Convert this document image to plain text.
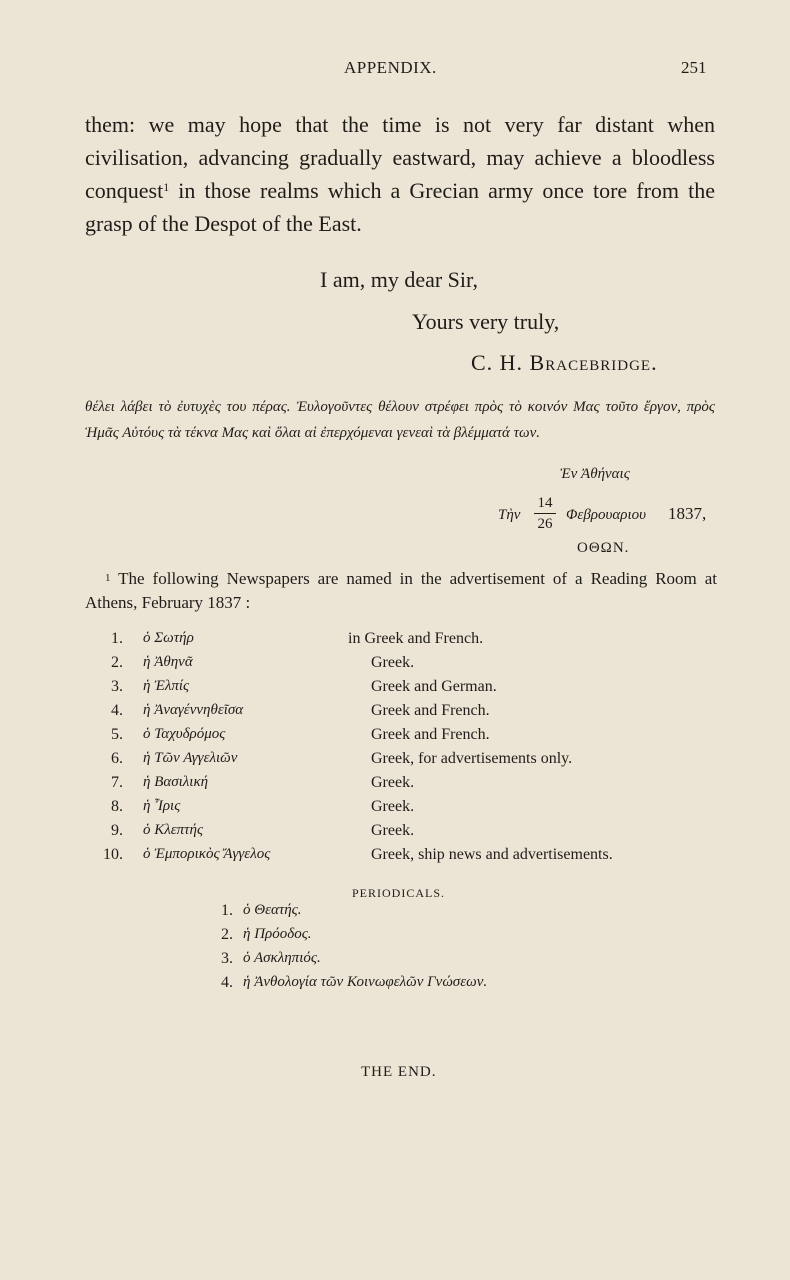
APPENDIX.	251

them: we may hope that the time is not very far distant when civilisation, advancing gradually eastward, may achieve a bloodless conquest$^1$ in those realms which a Grecian army once tore from the grasp of the Despot of the East.

I am, my dear Sir,
Yours very truly,
C. H. Bracebridge.
θέλει λάβει τὸ ἐυτυχὲς του πέρας. Ἐυλογοῦντες θέλουν στρέφει πρὸς τὸ κοινόν Μας τοῦτο ἔργον, πρὸς Ἡμᾶς Αὐτόυς τὰ τέκνα Μας καὶ ὅλαι αἱ ἐπερχόμεναι γενεαὶ τὰ βλέμματά των.
Ἐν Ἀθήναις
Τὴν
14
26
Φεβρουαριου 1837,
ΟΘΩΝ.

$^1$ The following Newspapers are named in the advertisement of a Reading Room at Athens, February 1837 :

1. ὁ Σωτήρ	in Greek and French.
2. ἡ Ἀθηνᾶ	Greek.
3. ἡ Ἐλπίς	Greek and German.
4. ἡ Ἀναγέννηθεῖσα	Greek and French.
5. ὁ Ταχυδρόμος	Greek and French.
6. ἡ Τῶν Αγγελιῶν	Greek, for advertisements only.
7. ἡ Βασιλική	Greek.
8. ἡ Ἶρις	Greek.
9. ὁ Κλεπτής	Greek.
10. ὁ Ἐμπορικὸς Ἄγγελος	Greek, ship news and advertisements.
PERIODICALS.
1. ὁ Θεατής.
2. ἡ Πρόοδος.
3. ὁ Ασκληπιός.
4. ἡ Ἀνθολογία τῶν Κοινωφελῶν Γνώσεων.
THE END.
